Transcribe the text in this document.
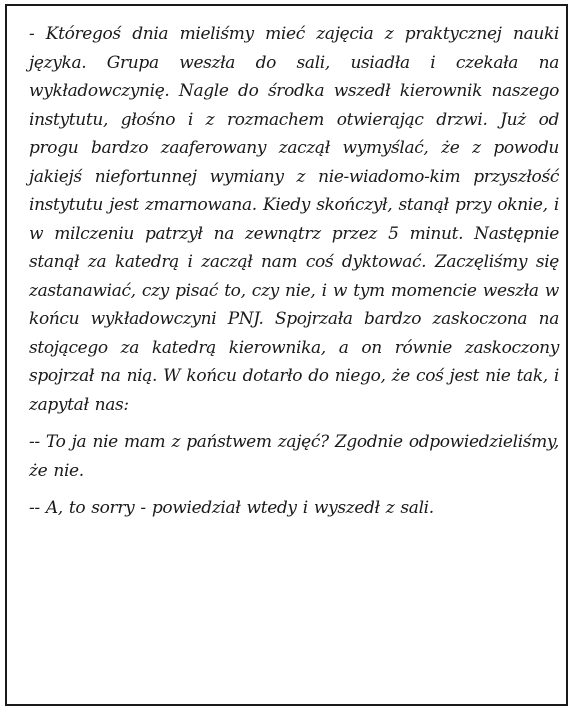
- Któregoś dnia mieliśmy mieć zajęcia z praktycznej nauki języka. Grupa weszła do sali, usiadła i czekała na wykładowczynię. Nagle do środka wszedł kierownik naszego instytutu, głośno i z rozmachem otwierając drzwi. Już od progu bardzo zaaferowany zaczął wymyślać, że z powodu jakiejś niefortunnej wymiany z nie-wiadomo-kim przyszłość instytutu jest zmarnowana. Kiedy skończył, stanął przy oknie, i w milczeniu patrzył na zewnątrz przez 5 minut. Następnie stanął za katedrą i zaczął nam coś dyktować. Zaczęliśmy się zastanawiać, czy pisać to, czy nie, i w tym momencie weszła w końcu wykładowczyni PNJ. Spojrzała bardzo zaskoczona na stojącego za katedrą kierownika, a on równie zaskoczony spojrzał na nią. W końcu dotarło do niego, że coś jest nie tak, i zapytał nas:

-- To ja nie mam z państwem zajęć? Zgodnie odpowiedzieliśmy, że nie.

-- A, to sorry - powiedział wtedy i wyszedł z sali.
